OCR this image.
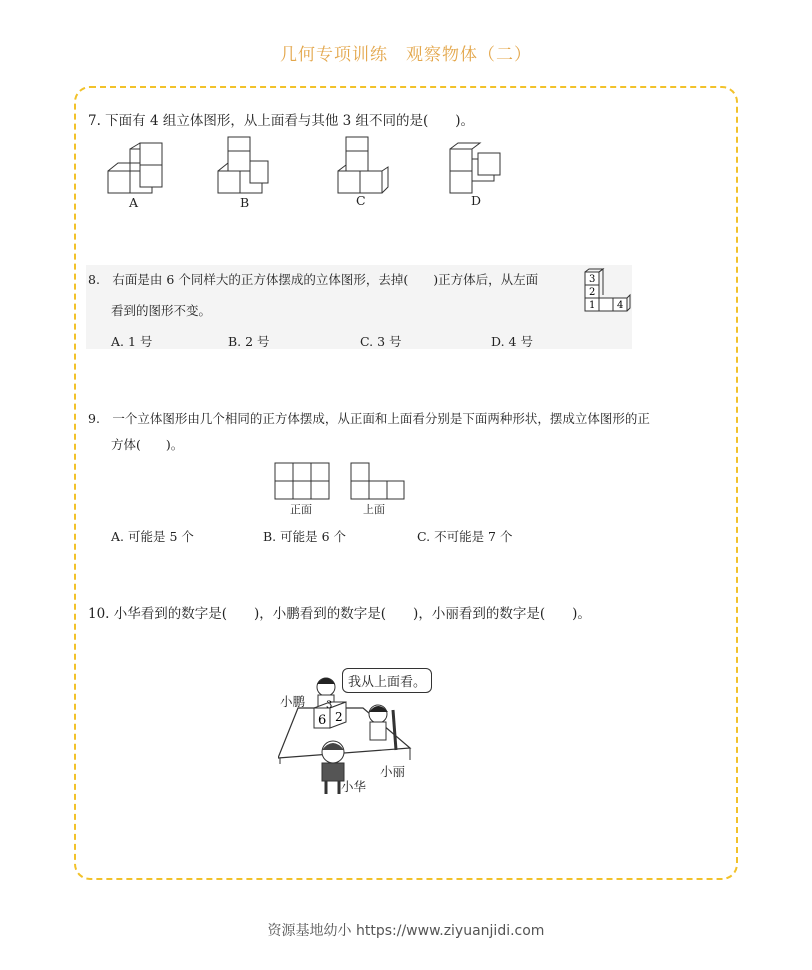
几何专项训练　观察物体（二）
7. 下面有 4 组立体图形，从上面看与其他 3 组不同的是(　　)。
A	B	C	D
8.　右面是由 6 个同样大的正方体摆成的立体图形，去掉(　　)正方体后，从左面
看到的图形不变。
A. 1 号	B. 2 号	C. 3 号	D. 4 号
3
2
1 4
9.　一个立体图形由几个相同的正方体摆成，从正面和上面看分别是下面两种形状，摆成立体图形的正
方体(　　)。
正面	上面
A. 可能是 5 个	B. 可能是 6 个	C. 不可能是 7 个
10. 小华看到的数字是(　　)，小鹏看到的数字是(　　)，小丽看到的数字是(　　)。
我从上面看。
3
6 2
小鹏
小丽
小华
资源基地幼小 https://www.ziyuanjidi.com
